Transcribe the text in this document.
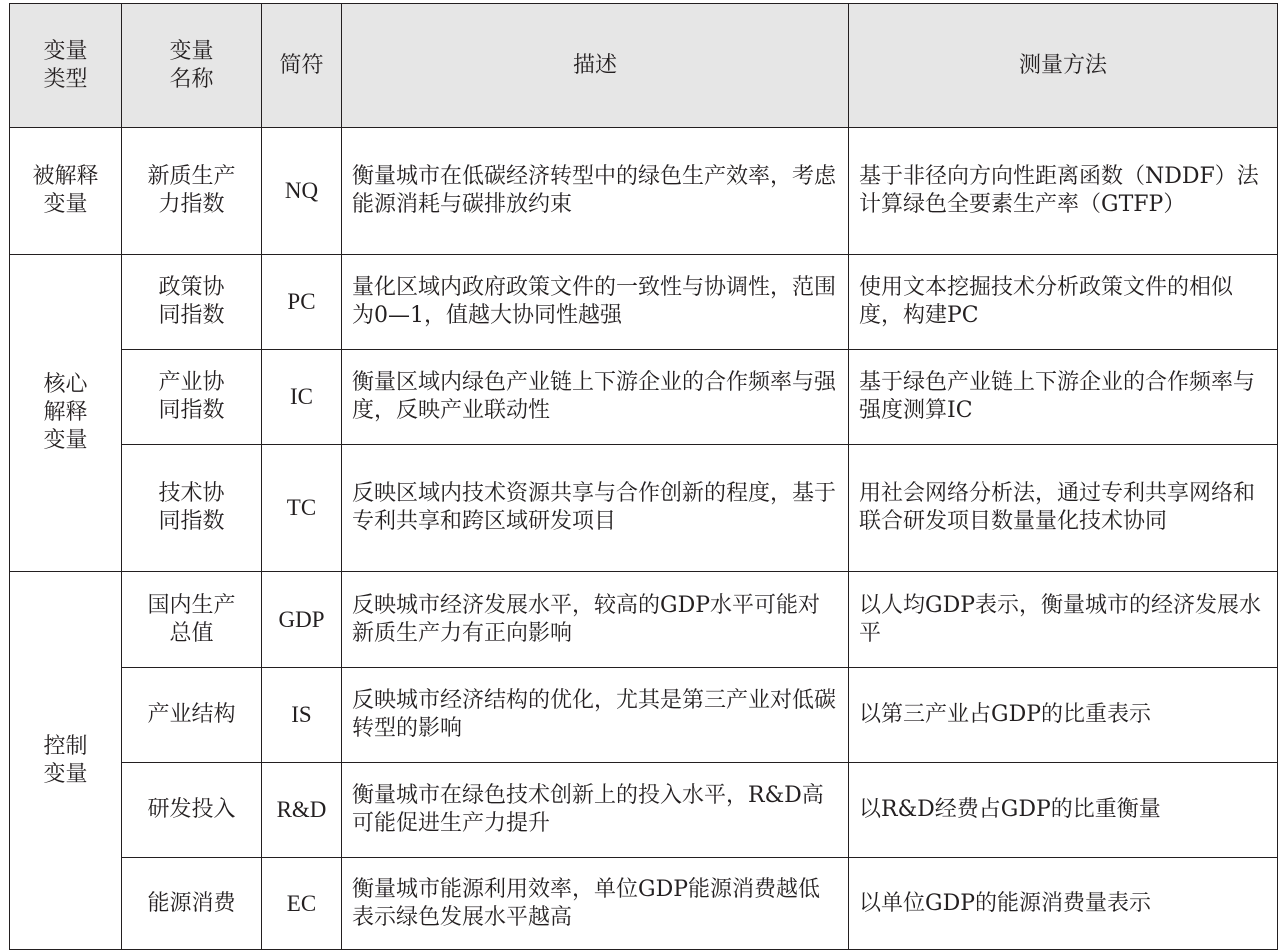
变量类型	变量名称	简符	描述	测量方法
被解释变量	新质生产力指数	NQ	衡量城市在低碳经济转型中的绿色生产效率，考虑能源消耗与碳排放约束	基于非径向方向性距离函数（NDDF）法计算绿色全要素生产率（GTFP）
核心解释变量	政策协同指数	PC	量化区域内政府政策文件的一致性与协调性，范围为0—1，值越大协同性越强	使用文本挖掘技术分析政策文件的相似度，构建PC
	产业协同指数	IC	衡量区域内绿色产业链上下游企业的合作频率与强度，反映产业联动性	基于绿色产业链上下游企业的合作频率与强度测算IC
	技术协同指数	TC	反映区域内技术资源共享与合作创新的程度，基于专利共享和跨区域研发项目	用社会网络分析法，通过专利共享网络和联合研发项目数量量化技术协同
控制变量	国内生产总值	GDP	反映城市经济发展水平，较高的GDP水平可能对新质生产力有正向影响	以人均GDP表示，衡量城市的经济发展水平
	产业结构	IS	反映城市经济结构的优化，尤其是第三产业对低碳转型的影响	以第三产业占GDP的比重表示
	研发投入	R&D	衡量城市在绿色技术创新上的投入水平，R&D高可能促进生产力提升	以R&D经费占GDP的比重衡量
	能源消费	EC	衡量城市能源利用效率，单位GDP能源消费越低表示绿色发展水平越高	以单位GDP的能源消费量表示
